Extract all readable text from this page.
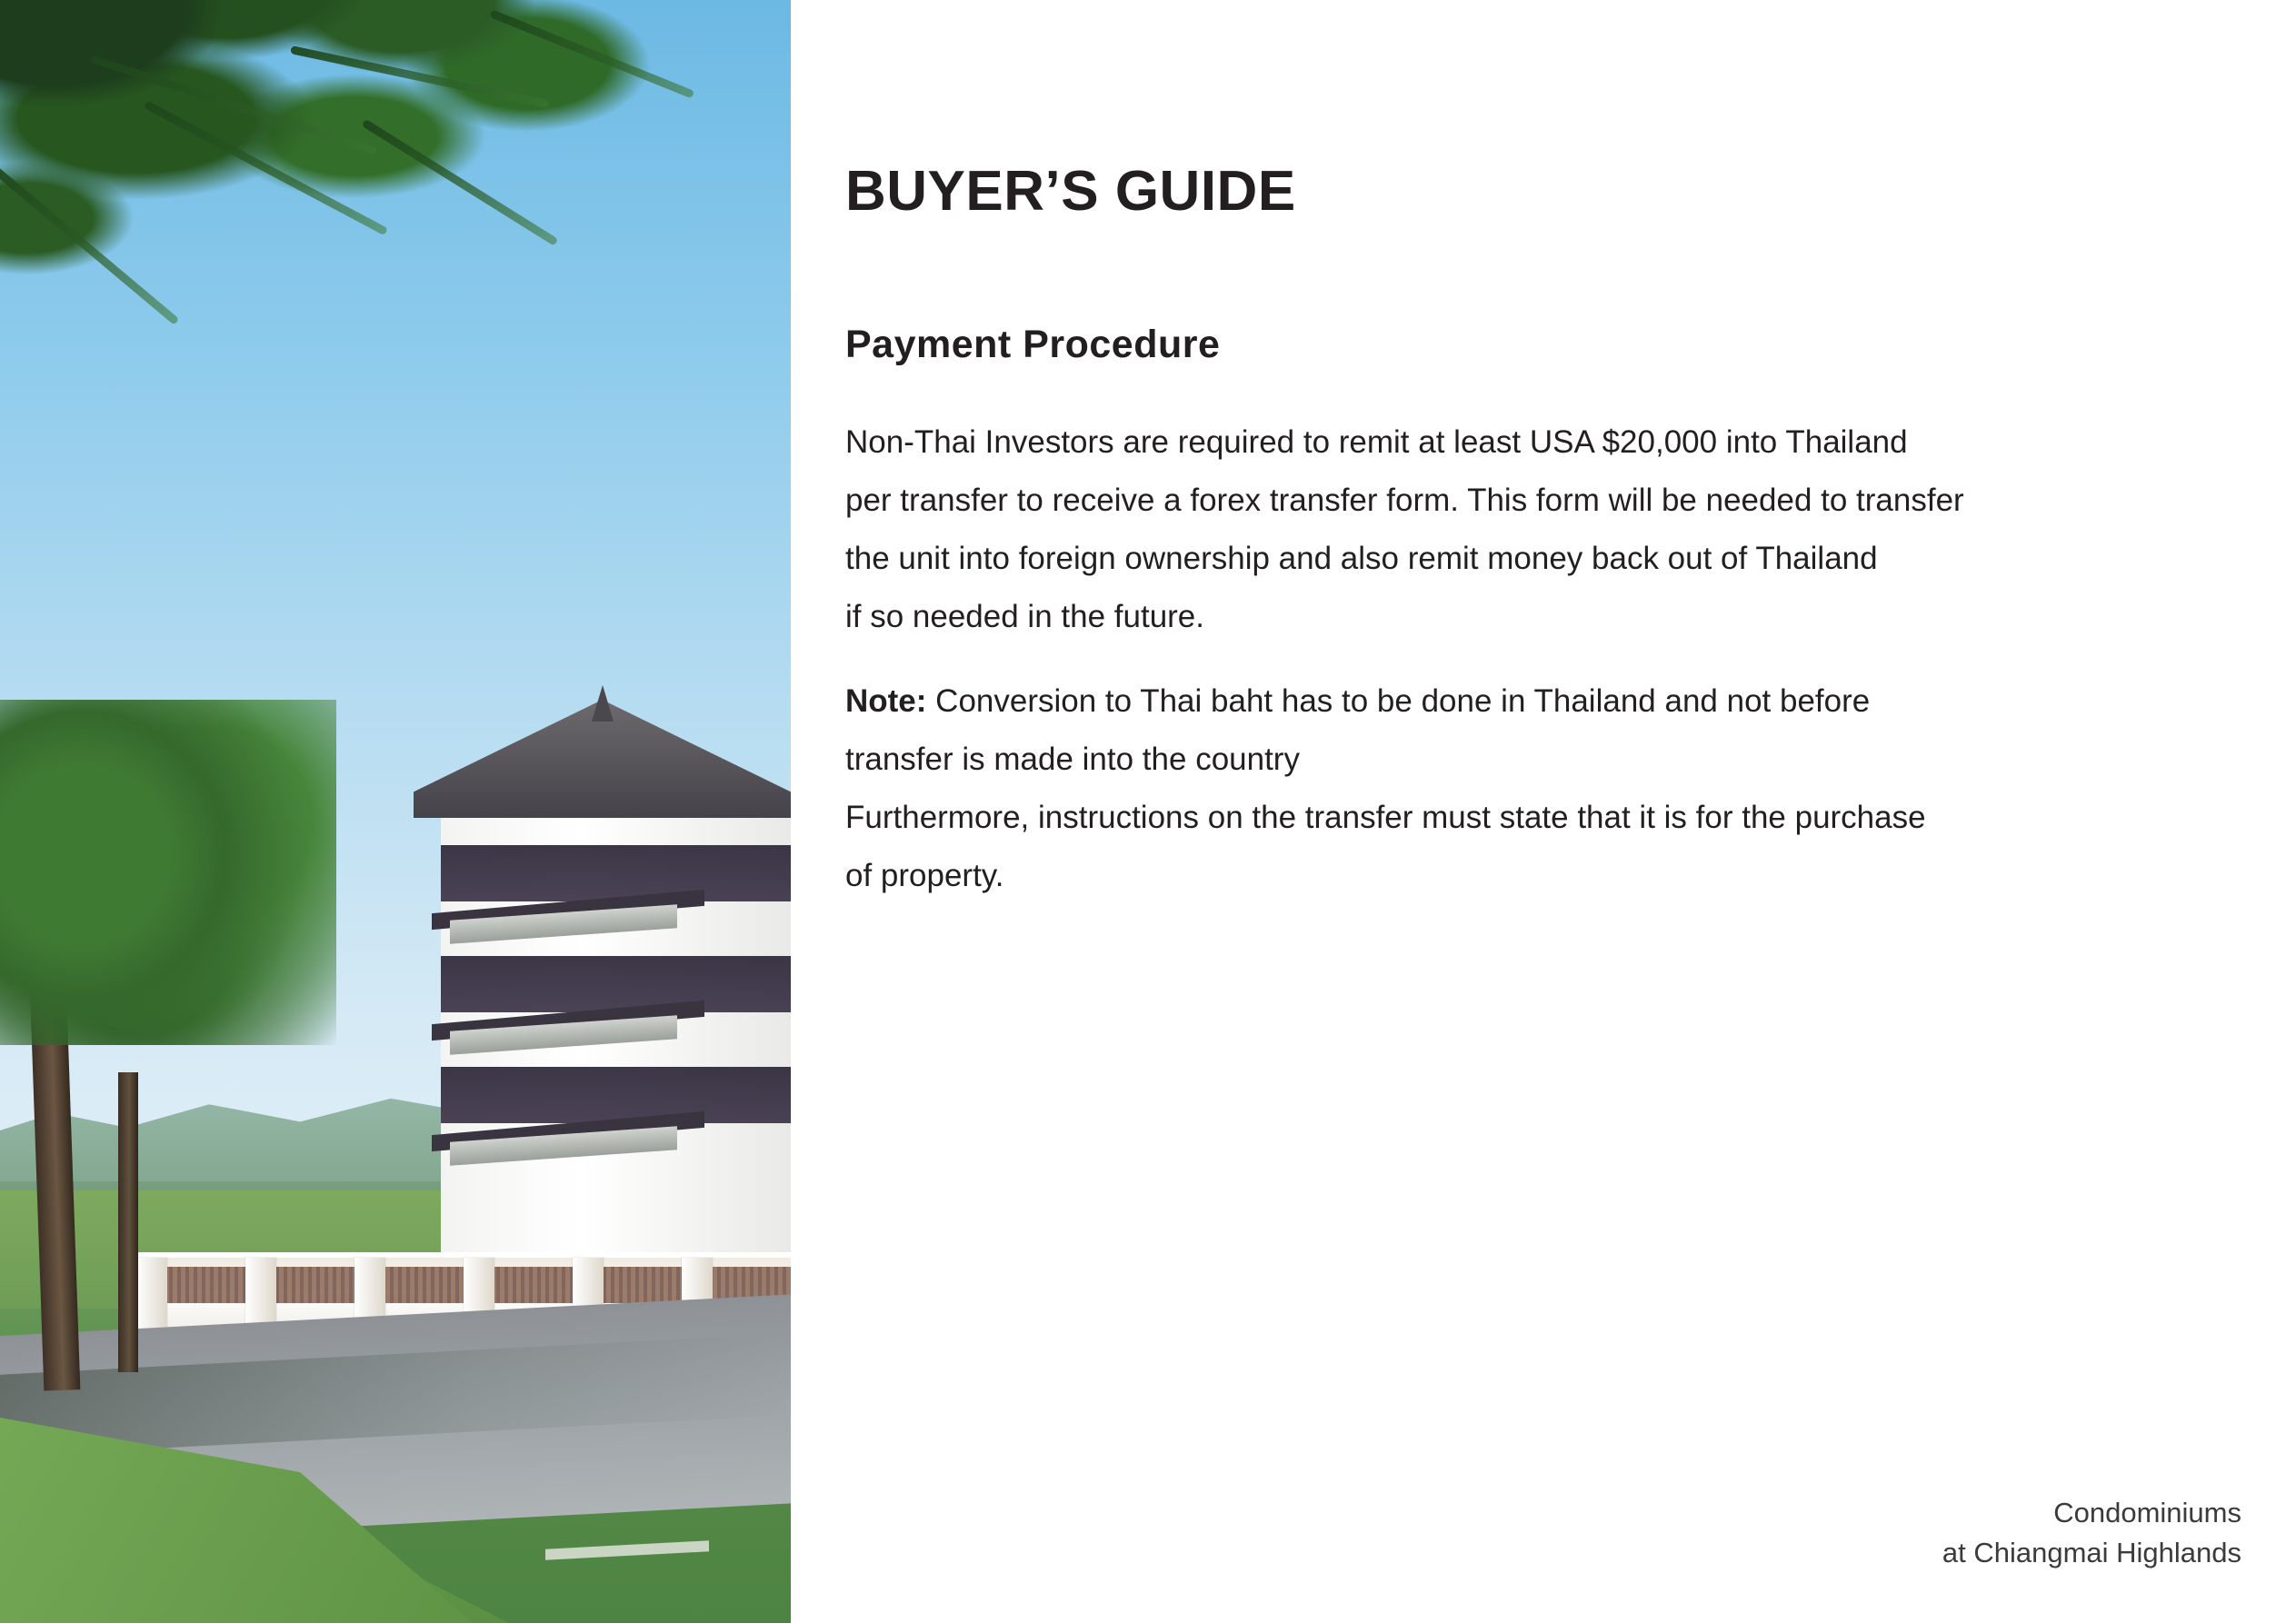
BUYER’S GUIDE
Payment Procedure
Non-Thai Investors are required to remit at least USA $20,000 into Thailand
per transfer to receive a forex transfer form. This form will be needed to transfer
the unit into foreign ownership and also remit money back out of Thailand
if so needed in the future.
Note: Conversion to Thai baht has to be done in Thailand and not before
transfer is made into the country
Furthermore, instructions on the transfer must state that it is for the purchase
of property.
Condominiums
at Chiangmai Highlands
